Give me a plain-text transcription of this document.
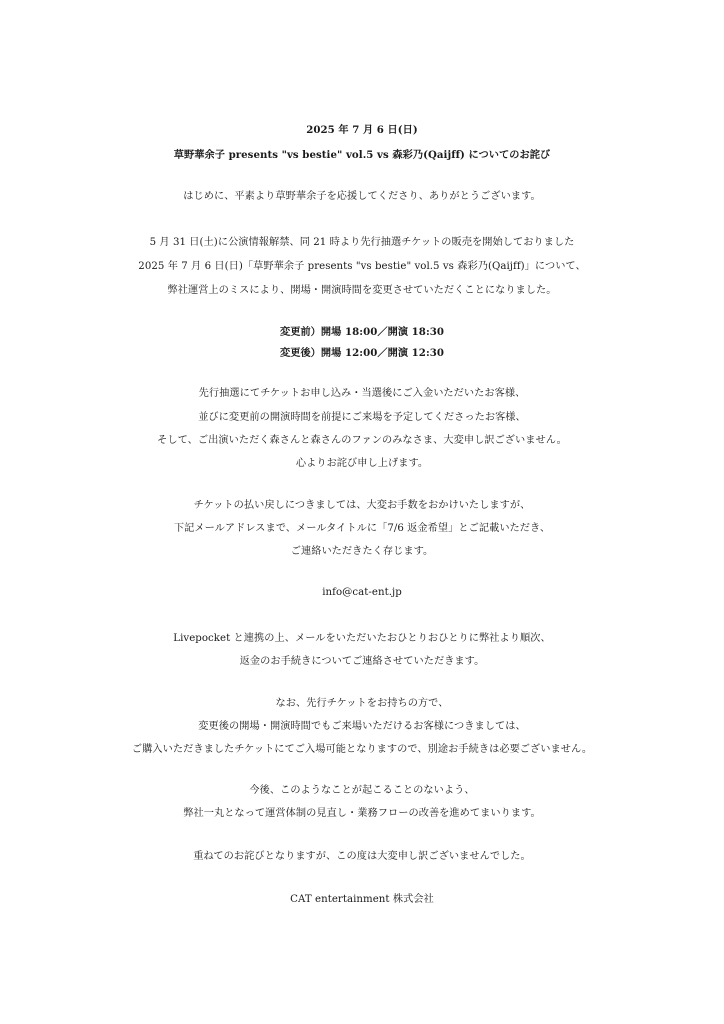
2025 年 7 月 6 日(日)
草野華余子 presents "vs bestie" vol.5 vs 森彩乃(Qaijff) についてのお詫び
はじめに、平素より草野華余子を応援してくださり、ありがとうございます。
5 月 31 日(土)に公演情報解禁、同 21 時より先行抽選チケットの販売を開始しておりました
2025 年 7 月 6 日(日)「草野華余子 presents "vs bestie" vol.5 vs 森彩乃(Qaijff)」について、
弊社運営上のミスにより、開場・開演時間を変更させていただくことになりました。
変更前）開場 18:00／開演 18:30
変更後）開場 12:00／開演 12:30
先行抽選にてチケットお申し込み・当選後にご入金いただいたお客様、
並びに変更前の開演時間を前提にご来場を予定してくださったお客様、
そして、ご出演いただく森さんと森さんのファンのみなさま、大変申し訳ございません。
心よりお詫び申し上げます。
チケットの払い戻しにつきましては、大変お手数をおかけいたしますが、
下記メールアドレスまで、メールタイトルに「7/6 返金希望」とご記載いただき、
ご連絡いただきたく存じます。
info@cat-ent.jp
Livepocket と連携の上、メールをいただいたおひとりおひとりに弊社より順次、
返金のお手続きについてご連絡させていただきます。
なお、先行チケットをお持ちの方で、
変更後の開場・開演時間でもご来場いただけるお客様につきましては、
ご購入いただきましたチケットにてご入場可能となりますので、別途お手続きは必要ございません。
今後、このようなことが起こることのないよう、
弊社一丸となって運営体制の見直し・業務フローの改善を進めてまいります。
重ねてのお詫びとなりますが、この度は大変申し訳ございませんでした。
CAT entertainment 株式会社
